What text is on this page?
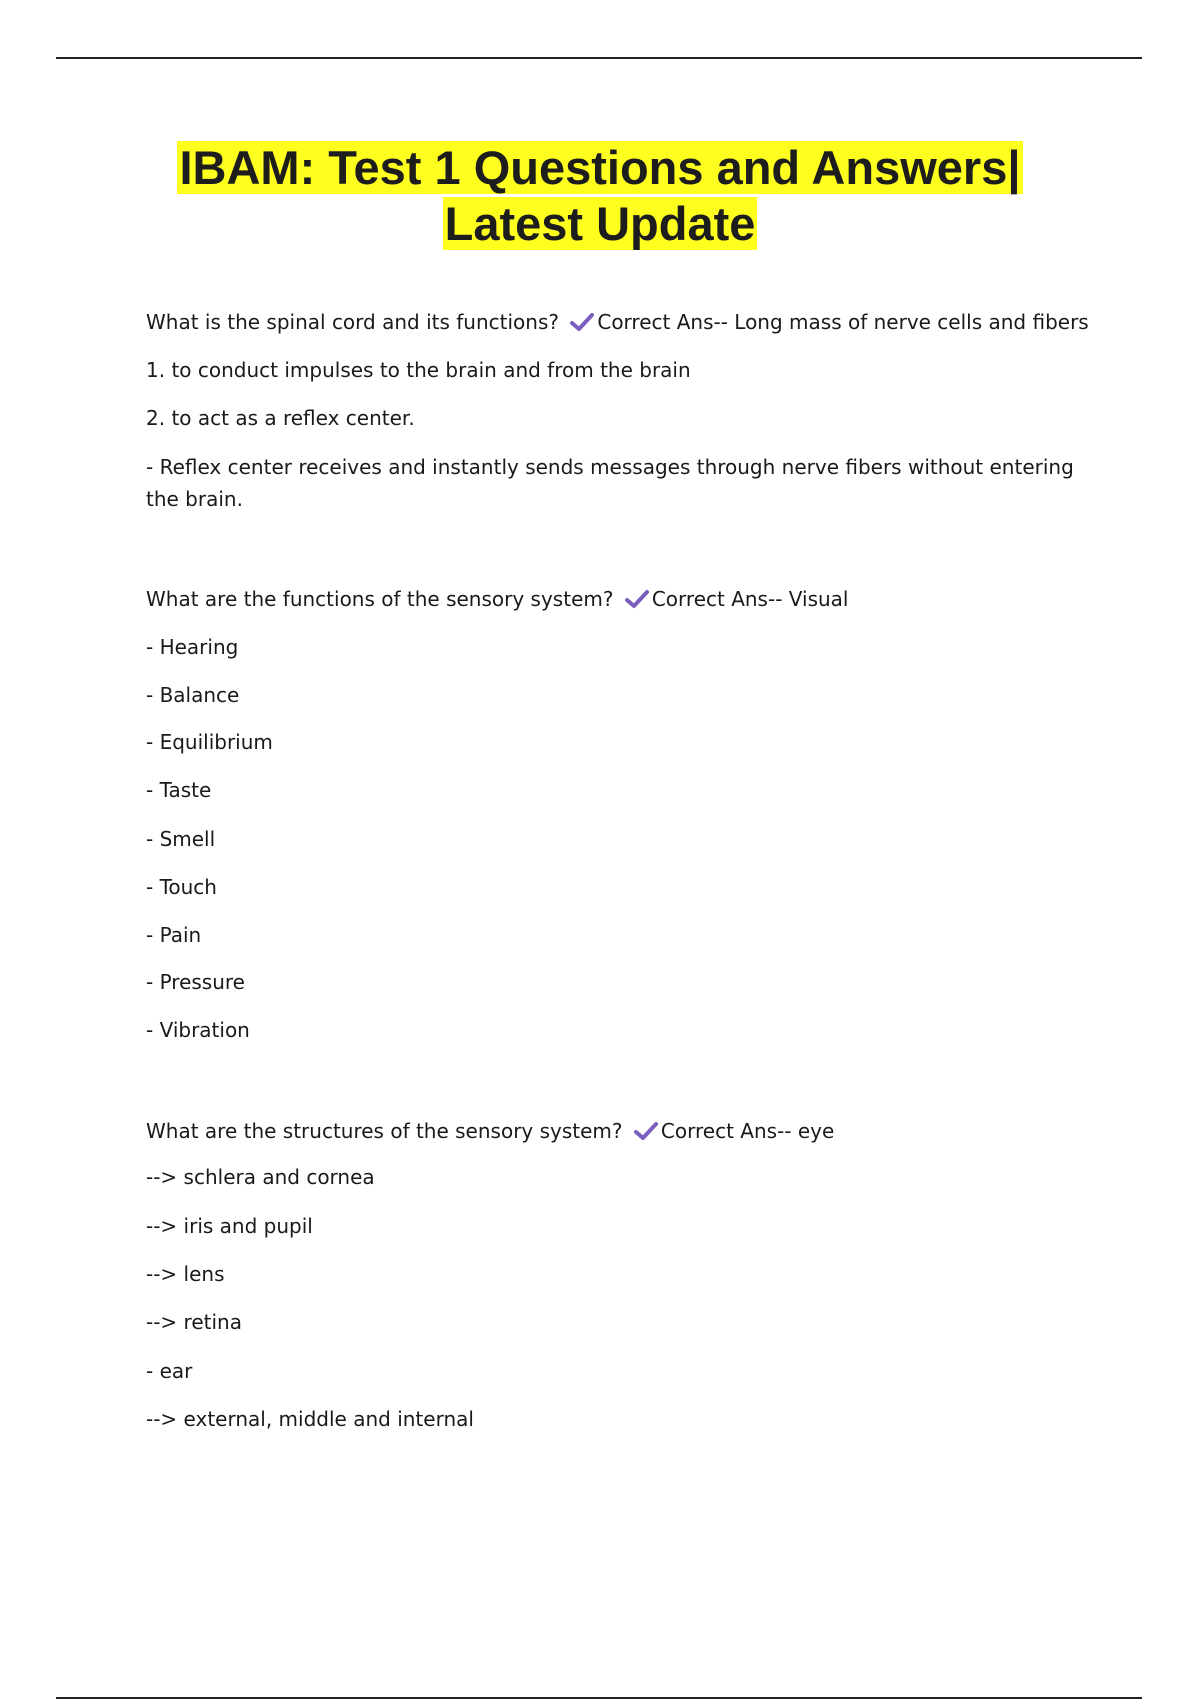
IBAM: Test 1 Questions and Answers|
Latest Update
What is the spinal cord and its functions? Correct Ans-- Long mass of nerve cells and fibers
1. to conduct impulses to the brain and from the brain
2. to act as a reflex center.
- Reflex center receives and instantly sends messages through nerve fibers without entering the brain.
What are the functions of the sensory system? Correct Ans-- Visual
- Hearing
- Balance
- Equilibrium
- Taste
- Smell
- Touch
- Pain
- Pressure
- Vibration
What are the structures of the sensory system? Correct Ans-- eye
--> schlera and cornea
--> iris and pupil
--> lens
--> retina
- ear
--> external, middle and internal
